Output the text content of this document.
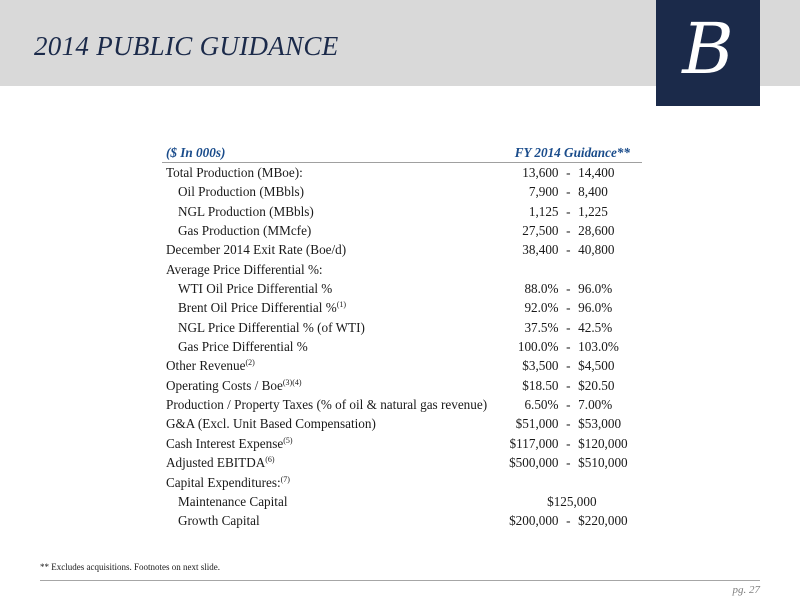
2014 PUBLIC GUIDANCE	B
($ In 000s)	FY 2014 Guidance**		
Total Production (MBoe):	13,600	-	14,400
Oil Production (MBbls)	7,900	-	8,400
NGL Production (MBbls)	1,125	-	1,225
Gas Production (MMcfe)	27,500	-	28,600
December 2014 Exit Rate (Boe/d)	38,400	-	40,800
Average Price Differential %:			
WTI Oil Price Differential %	88.0%	-	96.0%
Brent Oil Price Differential %$^{(1)}$	92.0%	-	96.0%
NGL Price Differential % (of WTI)	37.5%	-	42.5%
Gas Price Differential %	100.0%	-	103.0%
Other Revenue$^{(2)}$	$3,500	-	$4,500
Operating Costs / Boe$^{(3)(4)}$	$18.50	-	$20.50
Production / Property Taxes (% of oil & natural gas revenue)	6.50%	-	7.00%
G&A (Excl. Unit Based Compensation)	$51,000	-	$53,000
Cash Interest Expense$^{(5)}$	$117,000	-	$120,000
Adjusted EBITDA$^{(6)}$	$500,000	-	$510,000
Capital Expenditures:$^{(7)}$			
Maintenance Capital	$125,000		
Growth Capital	$200,000	-	$220,000
** Excludes acquisitions. Footnotes on next slide.
pg. 27
